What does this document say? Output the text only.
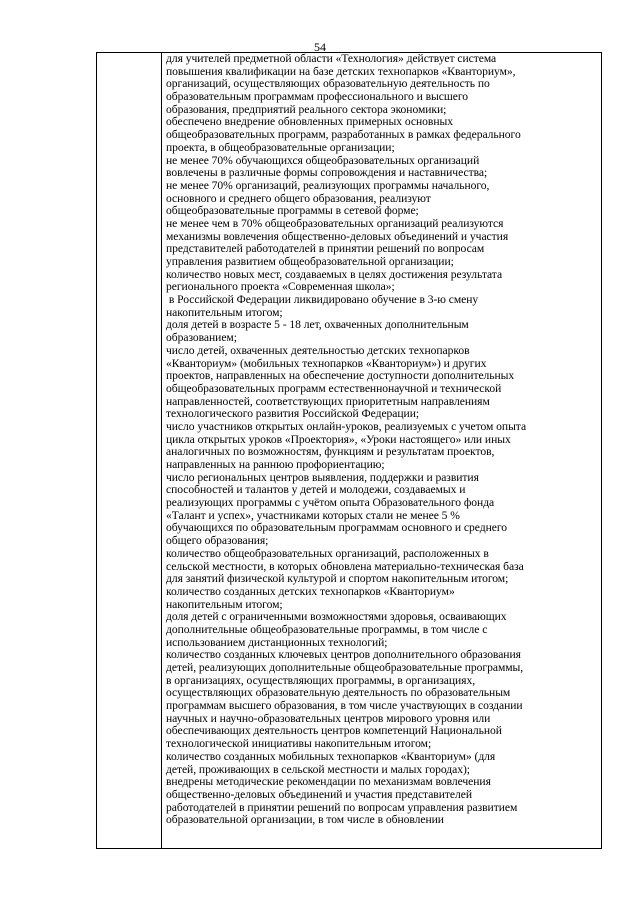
54
для учителей предметной области «Технология» действует система
повышения квалификации на базе детских технопарков «Кванториум»,
организаций, осуществляющих образовательную деятельность по
образовательным программам профессионального и высшего
образования, предприятий реального сектора экономики;
обеспечено внедрение обновленных примерных основных
общеобразовательных программ, разработанных в рамках федерального
проекта, в общеобразовательные организации;
не менее 70% обучающихся общеобразовательных организаций
вовлечены в различные формы сопровождения и наставничества;
не менее 70% организаций, реализующих программы начального,
основного и среднего общего образования, реализуют
общеобразовательные программы в сетевой форме;
не менее чем в 70% общеобразовательных организаций реализуются
механизмы вовлечения общественно-деловых объединений и участия
представителей работодателей в принятии решений по вопросам
управления развитием общеобразовательной организации;
количество новых мест, создаваемых в целях достижения результата
регионального проекта «Современная школа»;
в Российской Федерации ликвидировано обучение в 3-ю смену
накопительным итогом;
доля детей в возрасте 5 - 18 лет, охваченных дополнительным
образованием;
число детей, охваченных деятельностью детских технопарков
«Кванториум» (мобильных технопарков «Кванториум») и других
проектов, направленных на обеспечение доступности дополнительных
общеобразовательных программ естественнонаучной и технической
направленностей, соответствующих приоритетным направлениям
технологического развития Российской Федерации;
число участников открытых онлайн-уроков, реализуемых с учетом опыта
цикла открытых уроков «Проектория», «Уроки настоящего» или иных
аналогичных по возможностям, функциям и результатам проектов,
направленных на раннюю профориентацию;
число региональных центров выявления, поддержки и развития
способностей и талантов у детей и молодежи, создаваемых и
реализующих программы с учётом опыта Образовательного фонда
«Талант и успех», участниками которых стали не менее 5 %
обучающихся по образовательным программам основного и среднего
общего образования;
количество общеобразовательных организаций, расположенных в
сельской местности, в которых обновлена материально-техническая база
для занятий физической культурой и спортом накопительным итогом;
количество созданных детских технопарков «Кванториум»
накопительным итогом;
доля детей с ограниченными возможностями здоровья, осваивающих
дополнительные общеобразовательные программы, в том числе с
использованием дистанционных технологий;
количество созданных ключевых центров дополнительного образования
детей, реализующих дополнительные общеобразовательные программы,
в организациях, осуществляющих программы, в организациях,
осуществляющих образовательную деятельность по образовательным
программам высшего образования, в том числе участвующих в создании
научных и научно-образовательных центров мирового уровня или
обеспечивающих деятельность центров компетенций Национальной
технологической инициативы накопительным итогом;
количество созданных мобильных технопарков «Кванториум» (для
детей, проживающих в сельской местности и малых городах);
внедрены методические рекомендации по механизмам вовлечения
общественно-деловых объединений и участия представителей
работодателей в принятии решений по вопросам управления развитием
образовательной организации, в том числе в обновлении
